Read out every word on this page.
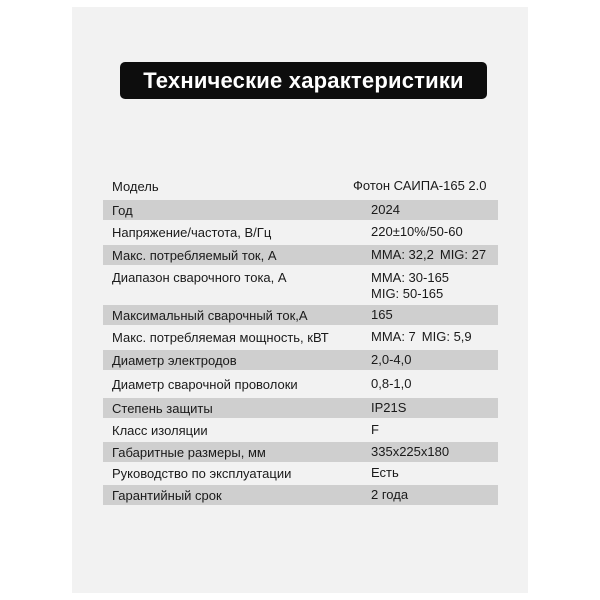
Технические характеристики
Модель	Фотон САИПА-165 2.0
Год	2024
Напряжение/частота, В/Гц	220±10%/50-60
Макс. потребляемый ток, А	MMA: 32,2 MIG: 27
Диапазон сварочного тока, А	MMA: 30-165
MIG: 50-165
Максимальный сварочный ток,А	165
Макс. потребляемая мощность, кВТ	MMA: 7 MIG: 5,9
Диаметр электродов	2,0-4,0
Диаметр сварочной проволоки	0,8-1,0
Степень защиты	IP21S
Класс изоляции	F
Габаритные размеры, мм	335x225x180
Руководство по эксплуатации	Есть
Гарантийный срок	2 года
